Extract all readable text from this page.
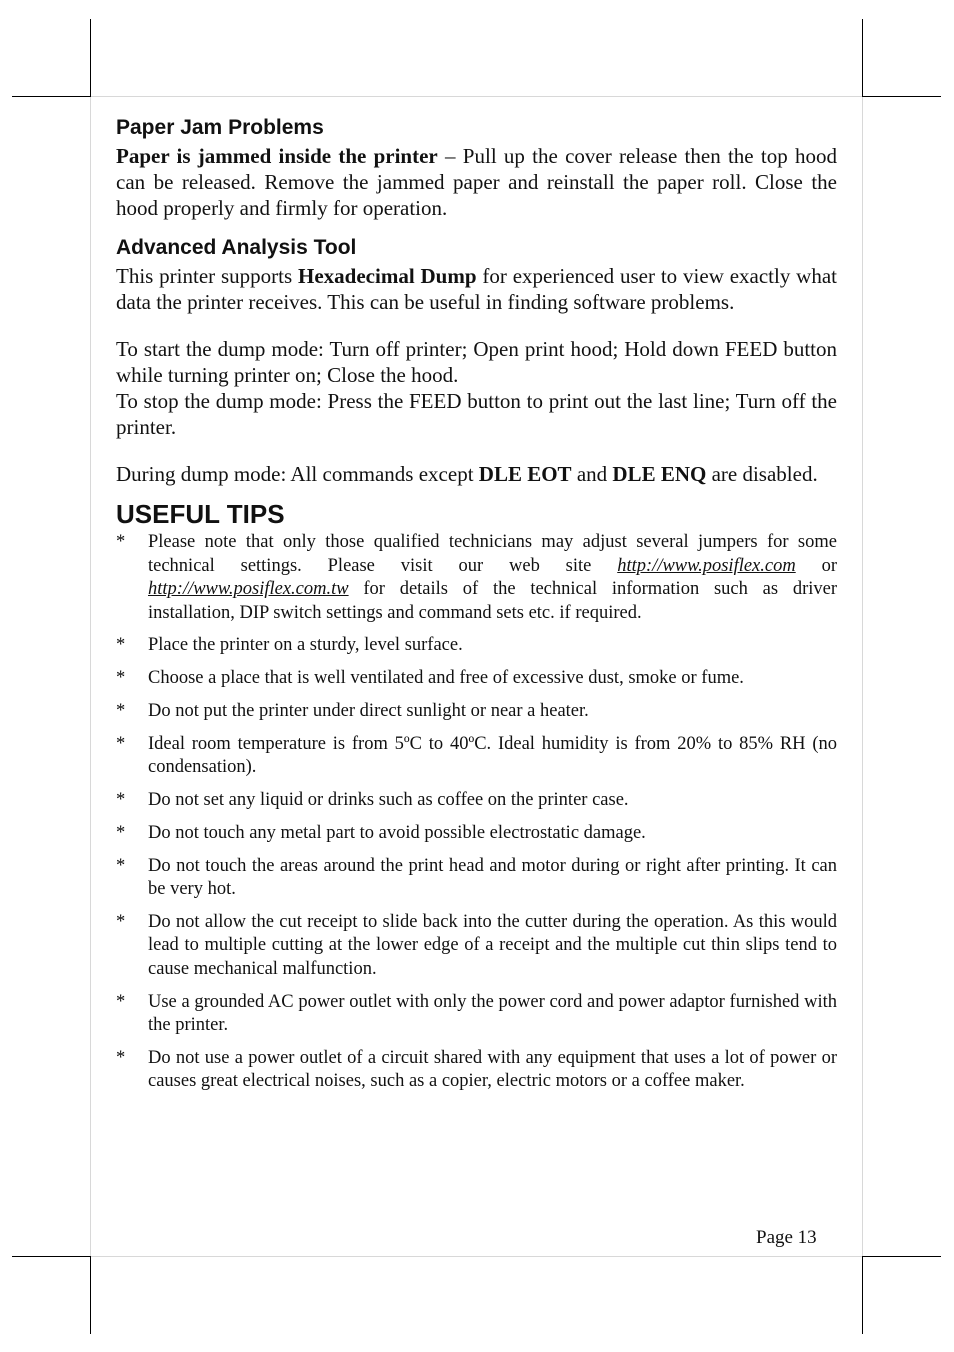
Paper Jam Problems

Paper is jammed inside the printer – Pull up the cover release then the top hood can be released. Remove the jammed paper and reinstall the paper roll. Close the hood properly and firmly for operation.

Advanced Analysis Tool

This printer supports Hexadecimal Dump for experienced user to view exactly what data the printer receives. This can be useful in finding software problems.

To start the dump mode: Turn off printer; Open print hood; Hold down FEED button while turning printer on; Close the hood.

To stop the dump mode: Press the FEED button to print out the last line; Turn off the printer.

During dump mode: All commands except DLE EOT and DLE ENQ are disabled.

USEFUL TIPS
* Please note that only those qualified technicians may adjust several jumpers for some technical settings. Please visit our web site http://www.posiflex.com or http://www.posiflex.com.tw for details of the technical information such as driver installation, DIP switch settings and command sets etc. if required.
* Place the printer on a sturdy, level surface.
* Choose a place that is well ventilated and free of excessive dust, smoke or fume.
* Do not put the printer under direct sunlight or near a heater.
* Ideal room temperature is from 5ºC to 40ºC. Ideal humidity is from 20% to 85% RH (no condensation).
* Do not set any liquid or drinks such as coffee on the printer case.
* Do not touch any metal part to avoid possible electrostatic damage.
* Do not touch the areas around the print head and motor during or right after printing. It can be very hot.
* Do not allow the cut receipt to slide back into the cutter during the operation. As this would lead to multiple cutting at the lower edge of a receipt and the multiple cut thin slips tend to cause mechanical malfunction.
* Use a grounded AC power outlet with only the power cord and power adaptor furnished with the printer.
* Do not use a power outlet of a circuit shared with any equipment that uses a lot of power or causes great electrical noises, such as a copier, electric motors or a coffee maker.
Page 13
